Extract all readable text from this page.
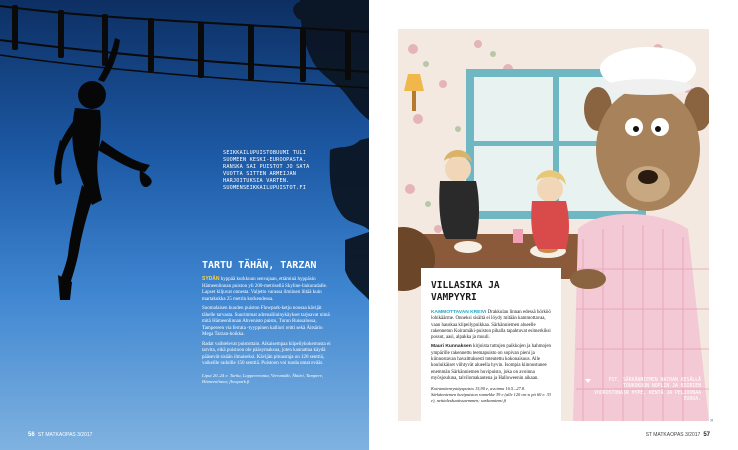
SEIKKAILUPUISTOBUUMI TULI SUOMEEN KESKI-EUROOPASTA. RANSKA SAI PUISTOT JO SATA VUOTTA SITTEN ARMEIJAN HARJOITUKSIA VARTEN. SUOMENSEIKKAILUPUISTOT.FI
TARTU TÄHÄN, TARZAN

SYDÄN hyppää kurkkuun senvajaan, ettäminä hyppäsin Hämeenlinnan puiston yli 200-metrisellä Skyline-liukuradalle. Lapset kiljuvat onnesta. Valjetto varassa ilmiinen liitää kuin martakukka 25 metrin korkeudessa.

Suomalaisen kuuden puiston Flowpark-ketju noosaa kävijät tähelle tarvasta. Suurimmat adrenaliininykäykset tarjoavat nimä mitä Hämeenlinnan Ahvenisto puisto, Turun Ruissalossa, Tampereen via ferrata -tyyppinen kalliori reitti sekä Äitsärin Mega Tarzan-hoikka.

Radat vaihtelevat puistottain. Aikaisempaa kiipeilykokemusta ei tarvita, eikä puistoon ole pääsymaksua, joten kannattaa käydä pääsevät sisään ilmaiseksi. Kävijän pituusraja on 120 senttiä, vaikeille radoille 150 senttiä. Puistoon voi tuoda omat eväät.

Liput 20–24 e. Turku, Lappeenranta, Vierumäki, Ähtäri, Tampere, Hämeenlinna; flowpark.fi
56 ST MATKAOPAS 3/2017
VILLASIKA JA VAMPYYRI

KAMMOTTAVAN KREIVI Drakkulan linnan edessä hörköö lohikäärme. Onneksi sisältä ei löydy mitään kammottavaa, vaan hauskaa kiipeilypuikkaa. Särkänniemen alueelle rakennetun Koiramäki-puiston pihalla tapahtuvat esimerkiksi possut, aasi, alpakka ja muuli.

Mauri Kunnaksen kirjoista tuttujen paikkojen ja hahmojen ympärille rakennettu teemapuisto on sopivan pieni ja kiinnostavan havaittuksesti toteutettu kokonaisuus. Alle kouluikäiset viihtyvät alueella hyvin. Isompia kiinnostunee enemmän Särkänniemen huvipuisto, joka on avoinna myösjouluna, talvilomakautena ja Halloweenin aikaan.

Koiramäenrystäyspuisto 15,90 e, avoinna 16.5.–27.8. Särkänniemen huvipuiston rannekke 39 e (alle 120 cm:n pit 60 e. 33 e), nettialeskuatissaemmen; sarkanniemi.fi
PST. SÄRKÄNNIEMEN NATRAN KESÄLLÄ TOUKOKUUN NOPLIN JA KOIRIEN VOOROSTONAIR HYPE, KENTÄ JA PELJOONAA EUROA.
»
ST MATKAOPAS 3/2017 57
